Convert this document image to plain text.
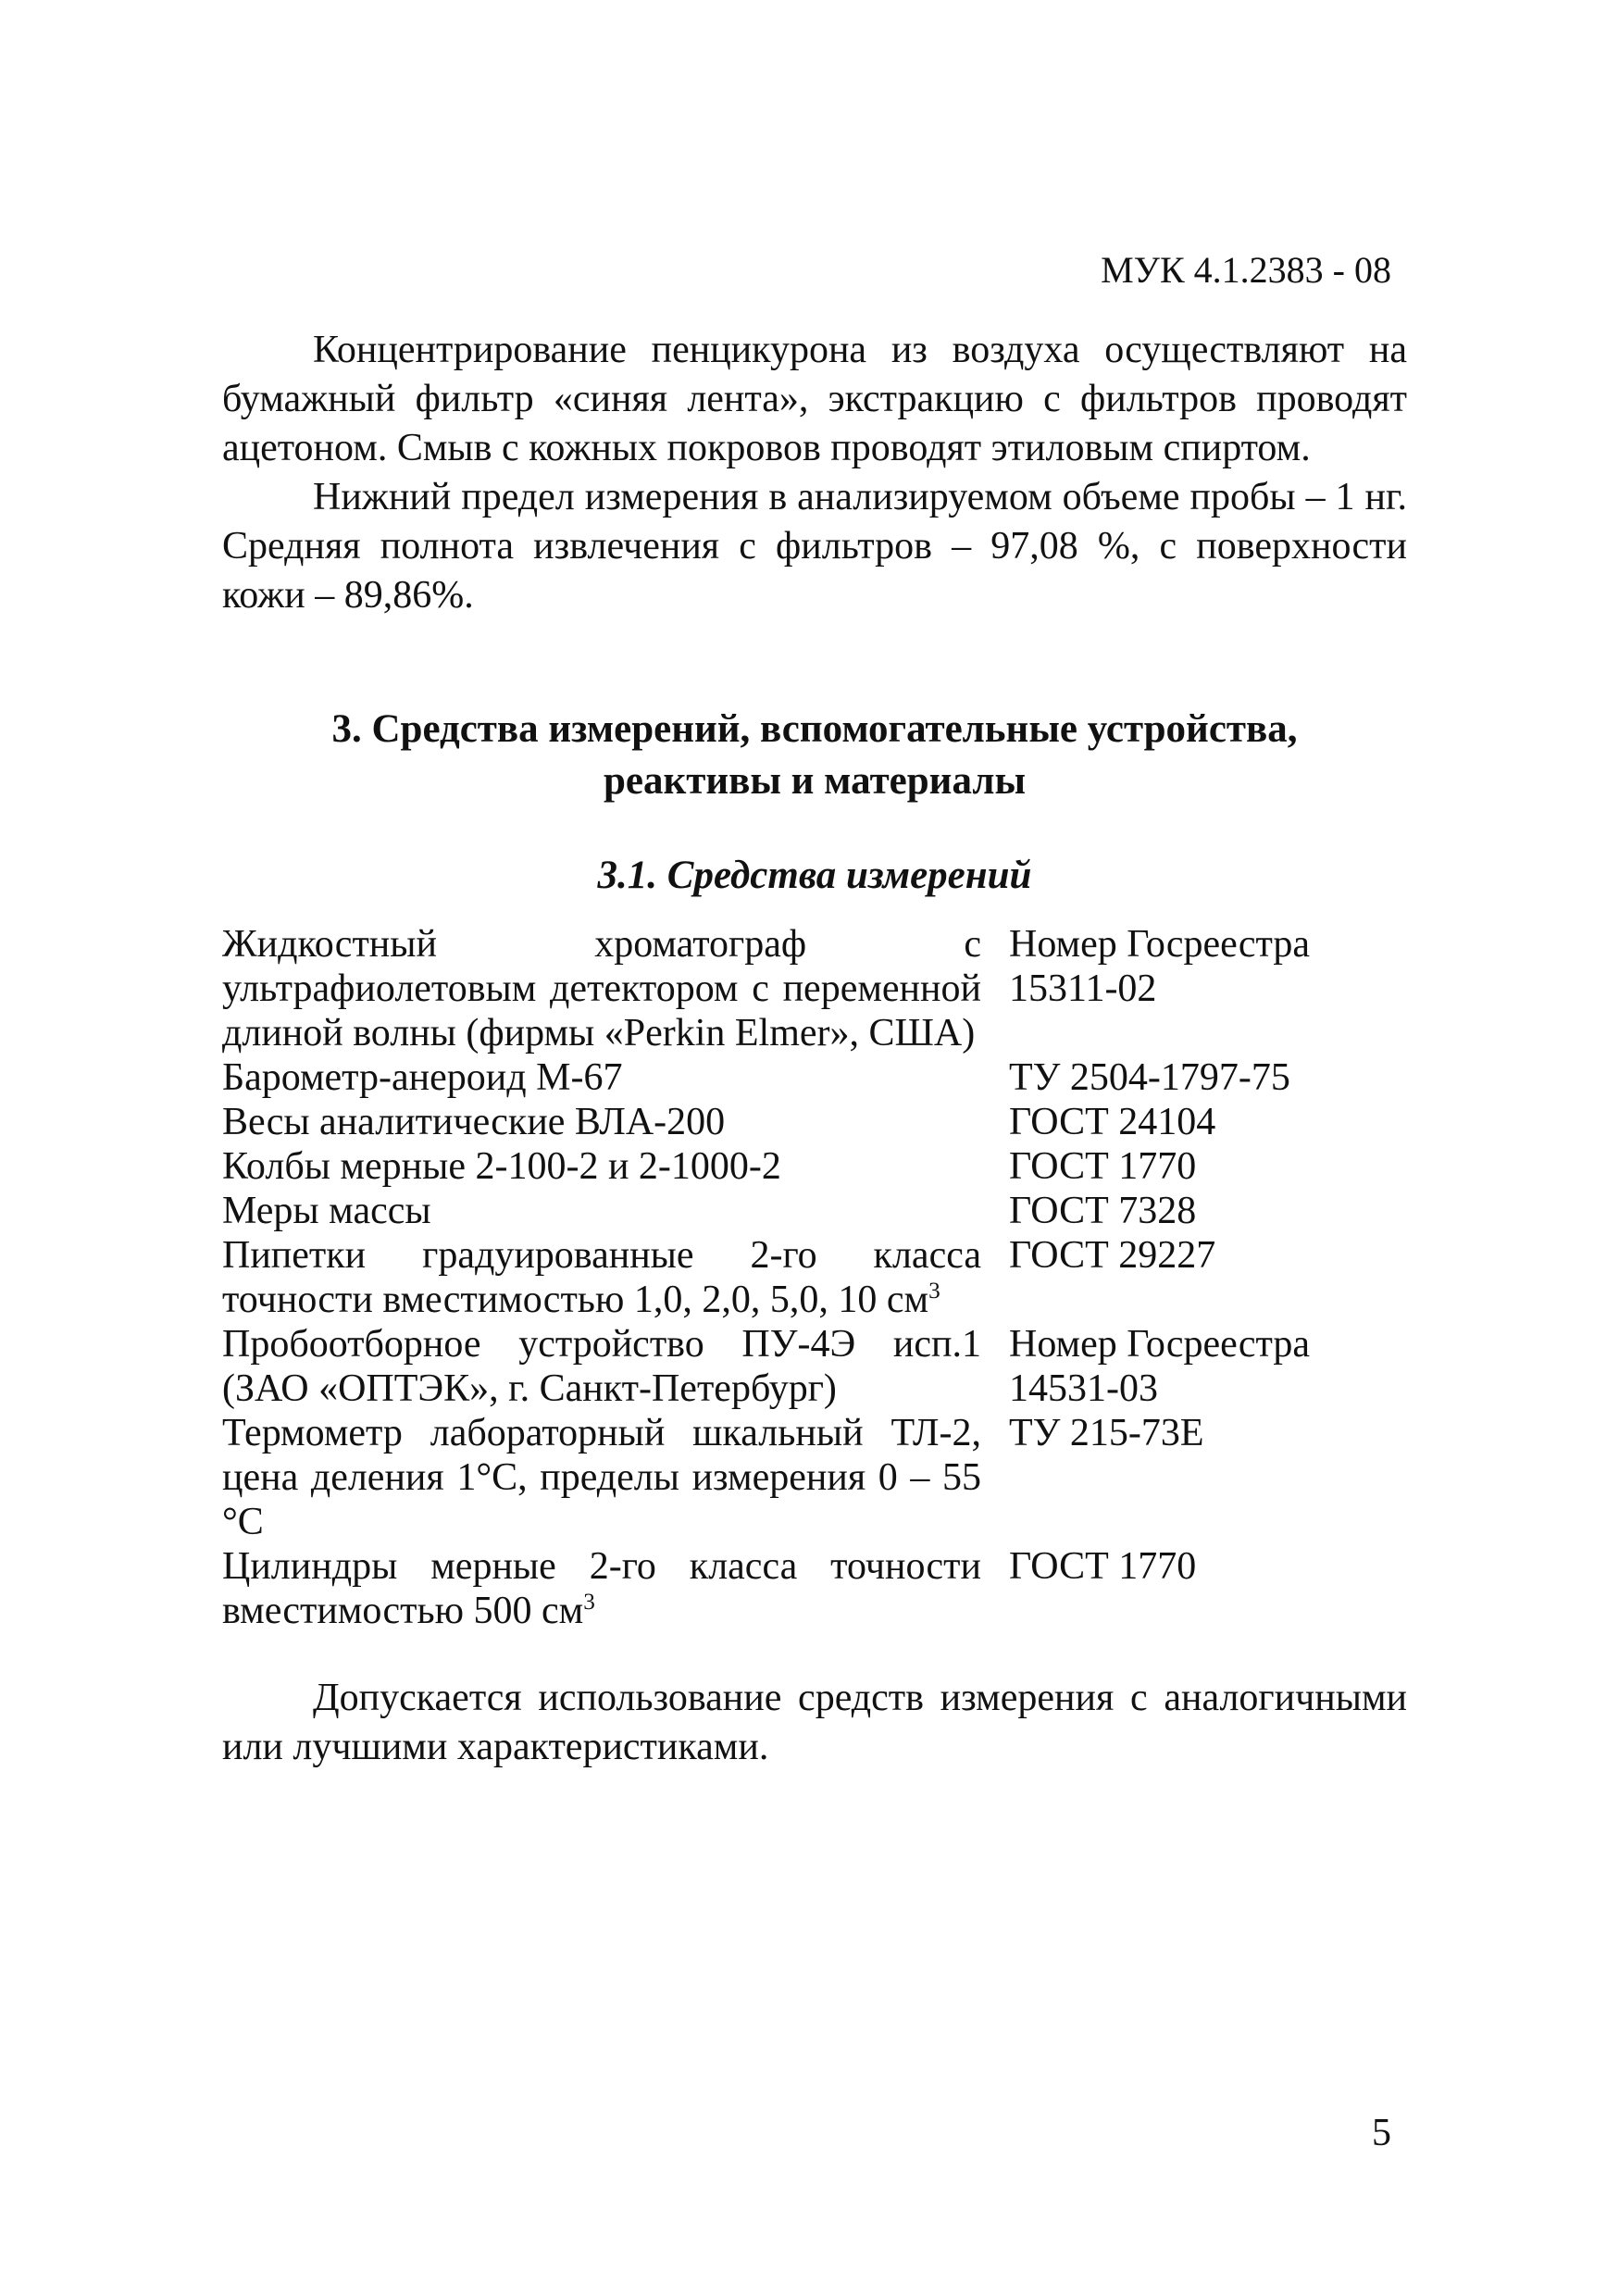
МУК 4.1.2383 - 08

Концентрирование пенцикурона из воздуха осуществляют на бумажный фильтр «синяя лента», экстракцию с фильтров проводят ацетоном. Смыв с кожных покровов проводят этиловым спиртом.

Нижний предел измерения в анализируемом объеме пробы – 1 нг. Средняя полнота извлечения с фильтров – 97,08 %, с поверхности кожи – 89,86%.

3. Средства измерений, вспомогательные устройства,
реактивы и материалы
3.1. Средства измерений
Жидкостный хроматограф с ультрафиолетовым детектором с переменной длиной волны (фирмы «Perkin Elmer», США)	Номер Госреестра 15311-02
Барометр-анероид М-67	ТУ 2504-1797-75
Весы аналитические ВЛА-200	ГОСТ 24104
Колбы мерные 2-100-2 и 2-1000-2	ГОСТ 1770
Меры массы	ГОСТ 7328
Пипетки градуированные 2-го класса точности вместимостью 1,0, 2,0, 5,0, 10 $см^3$	ГОСТ 29227
Пробоотборное устройство ПУ-4Э исп.1 (ЗАО «ОПТЭК», г. Санкт-Петербург)	Номер Госреестра 14531-03
Термометр лабораторный шкальный ТЛ-2, цена деления 1°С, пределы измерения 0 – 55 °С	ТУ 215-73Е
Цилиндры мерные 2-го класса точности вместимостью 500 $см^3$	ГОСТ 1770

Допускается использование средств измерения с аналогичными или лучшими характеристиками.

5
